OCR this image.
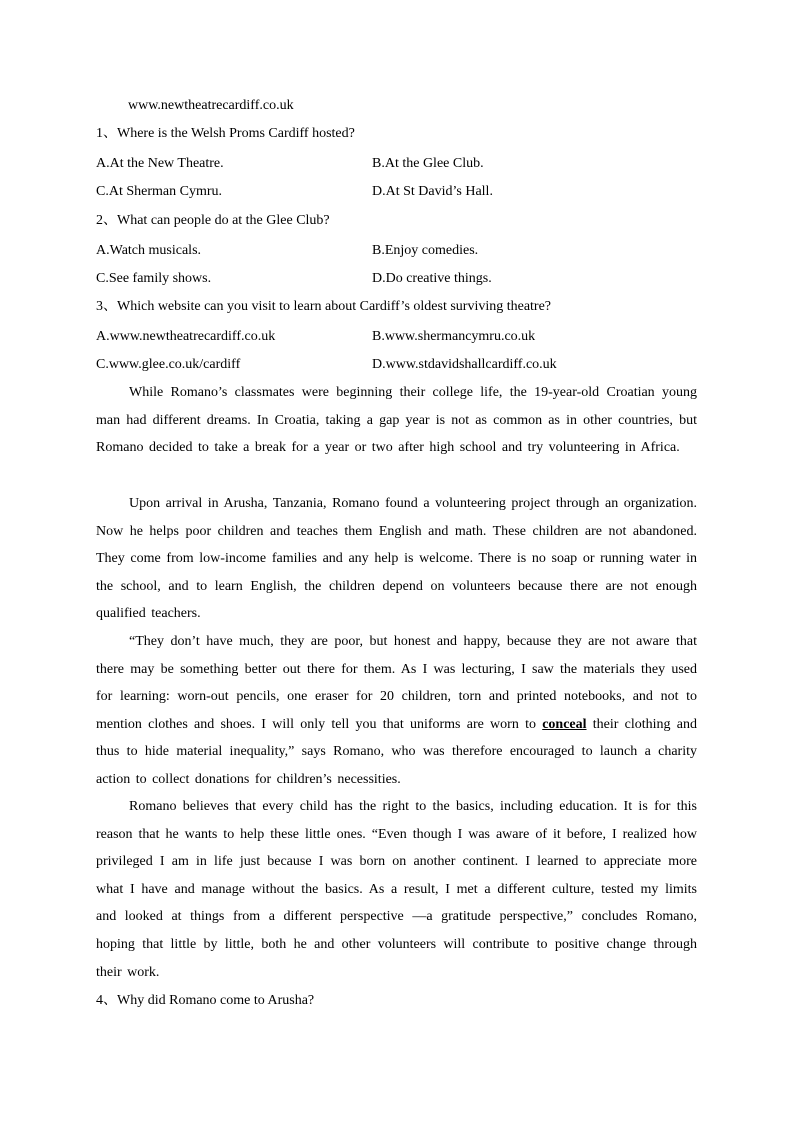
www.newtheatrecardiff.co.uk
1、Where is the Welsh Proms Cardiff hosted?
A.At the New Theatre.	B.At the Glee Club.
C.At Sherman Cymru.	D.At St David’s Hall.
2、What can people do at the Glee Club?
A.Watch musicals.	B.Enjoy comedies.
C.See family shows.	D.Do creative things.
3、Which website can you visit to learn about Cardiff’s oldest surviving theatre?
A.www.newtheatrecardiff.co.uk	B.www.shermancymru.co.uk
C.www.glee.co.uk/cardiff	D.www.stdavidshallcardiff.co.uk
While Romano’s classmates were beginning their college life, the 19-year-old Croatian young man had different dreams. In Croatia, taking a gap year is not as common as in other countries, but Romano decided to take a break for a year or two after high school and try volunteering in Africa.
Upon arrival in Arusha, Tanzania, Romano found a volunteering project through an organization. Now he helps poor children and teaches them English and math. These children are not abandoned. They come from low-income families and any help is welcome. There is no soap or running water in the school, and to learn English, the children depend on volunteers because there are not enough qualified teachers.
“They don’t have much, they are poor, but honest and happy, because they are not aware that there may be something better out there for them. As I was lecturing, I saw the materials they used for learning: worn-out pencils, one eraser for 20 children, torn and printed notebooks, and not to mention clothes and shoes. I will only tell you that uniforms are worn to conceal their clothing and thus to hide material inequality,” says Romano, who was therefore encouraged to launch a charity action to collect donations for children’s necessities.
Romano believes that every child has the right to the basics, including education. It is for this reason that he wants to help these little ones. “Even though I was aware of it before, I realized how privileged I am in life just because I was born on another continent. I learned to appreciate more what I have and manage without the basics. As a result, I met a different culture, tested my limits and looked at things from a different perspective —a gratitude perspective,” concludes Romano, hoping that little by little, both he and other volunteers will contribute to positive change through their work.
4、Why did Romano come to Arusha?
